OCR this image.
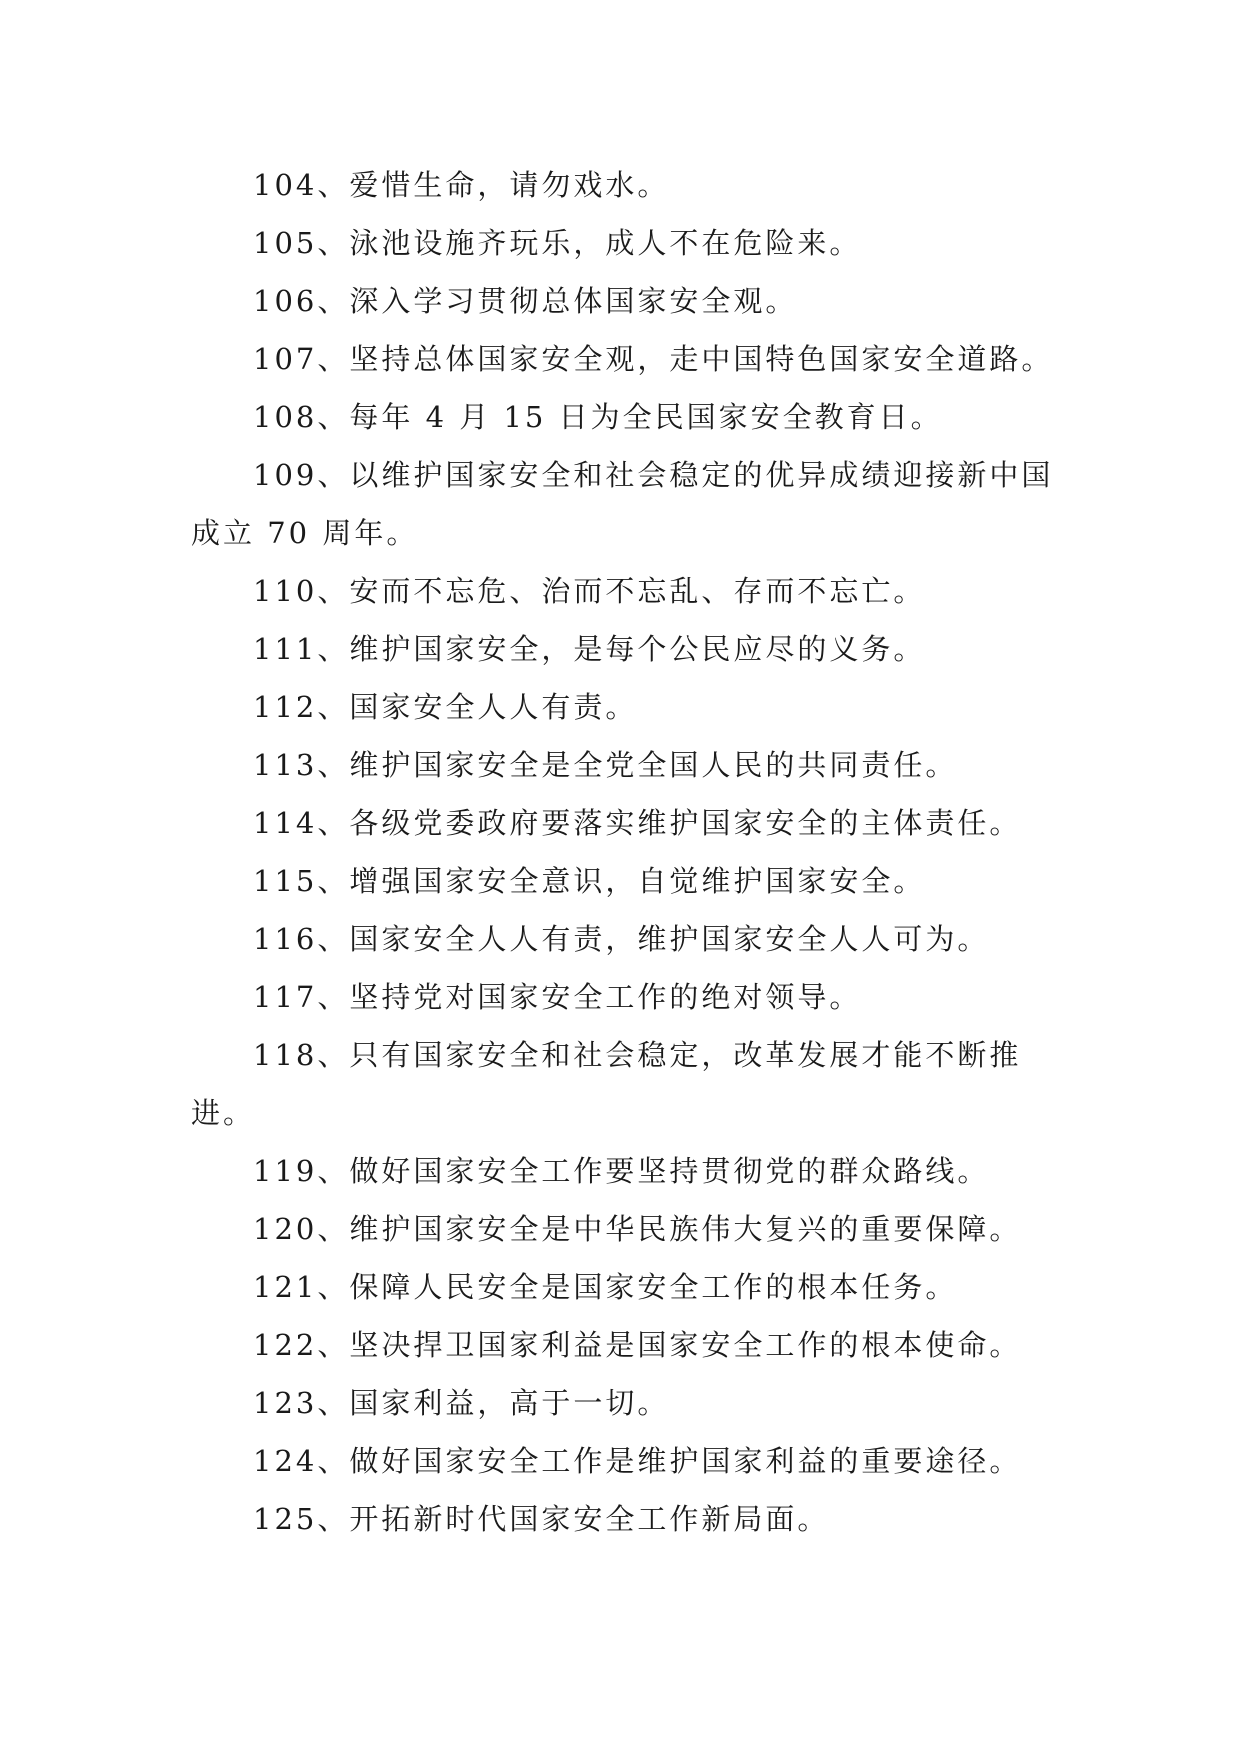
104、爱惜生命，请勿戏水。

105、泳池设施齐玩乐，成人不在危险来。

106、深入学习贯彻总体国家安全观。

107、坚持总体国家安全观，走中国特色国家安全道路。

108、每年 4 月 15 日为全民国家安全教育日。

109、以维护国家安全和社会稳定的优异成绩迎接新中国成立 70 周年。

110、安而不忘危、治而不忘乱、存而不忘亡。

111、维护国家安全，是每个公民应尽的义务。

112、国家安全人人有责。

113、维护国家安全是全党全国人民的共同责任。

114、各级党委政府要落实维护国家安全的主体责任。

115、增强国家安全意识，自觉维护国家安全。

116、国家安全人人有责，维护国家安全人人可为。

117、坚持党对国家安全工作的绝对领导。

118、只有国家安全和社会稳定，改革发展才能不断推进。

119、做好国家安全工作要坚持贯彻党的群众路线。

120、维护国家安全是中华民族伟大复兴的重要保障。

121、保障人民安全是国家安全工作的根本任务。

122、坚决捍卫国家利益是国家安全工作的根本使命。

123、国家利益，高于一切。

124、做好国家安全工作是维护国家利益的重要途径。

125、开拓新时代国家安全工作新局面。
